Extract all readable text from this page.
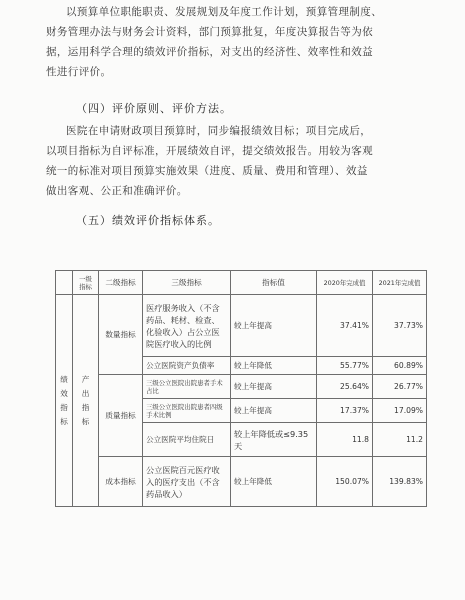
以预算单位职能职责、发展规划及年度工作计划，预算管理制度、

财务管理办法与财务会计资料，部门预算批复，年度决算报告等为依

据，运用科学合理的绩效评价指标，对支出的经济性、效率性和效益

性进行评价。

（四）评价原则、评价方法。

医院在申请财政项目预算时，同步编报绩效目标；项目完成后，

以项目指标为自评标准，开展绩效自评，提交绩效报告。用较为客观

统一的标准对项目预算实施效果（进度、质量、费用和管理）、效益

做出客观、公正和准确评价。

（五）绩效评价指标体系。

	一级指标	二级指标	三级指标	指标值	2020年完成值	2021年完成值
绩效指标	产出指标	数量指标	医疗服务收入（不含药品、耗材、检查、化验收入）占公立医院医疗收入的比例	较上年提高	37.41%	37.73%
			公立医院资产负债率	较上年降低	55.77%	60.89%
		质量指标	三级公立医院出院患者手术占比	较上年提高	25.64%	26.77%
			三级公立医院出院患者四级手术比例	较上年提高	17.37%	17.09%
			公立医院平均住院日	较上年降低或≤9.35天	11.8	11.2
		成本指标	公立医院百元医疗收入的医疗支出（不含药品收入）	较上年降低	150.07%	139.83%
